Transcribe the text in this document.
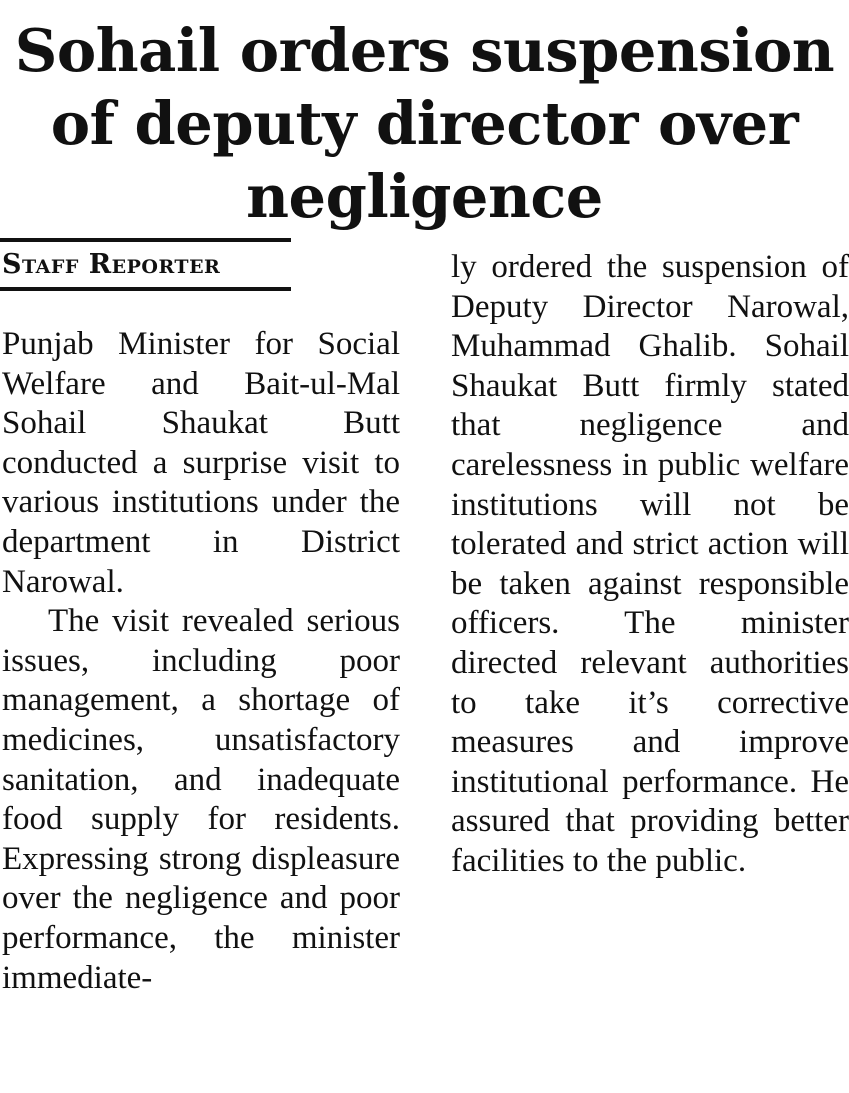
Sohail orders suspension of deputy director over negligence
Staff Reporter

Punjab Minister for Social Welfare and Bait-ul-Mal Sohail Shaukat Butt conducted a surprise visit to various institutions under the department in District Narowal.

The visit revealed serious issues, including poor management, a shortage of medicines, unsatisfactory sanitation, and inadequate food supply for residents. Expressing strong displeasure over the negligence and poor performance, the minister immediate-

ly ordered the suspension of Deputy Director Narowal, Muhammad Ghalib. Sohail Shaukat Butt firmly stated that negligence and carelessness in public welfare institutions will not be tolerated and strict action will be taken against responsible officers. The minister directed relevant authorities to take it’s corrective measures and improve institutional performance. He assured that providing better facilities to the public.
